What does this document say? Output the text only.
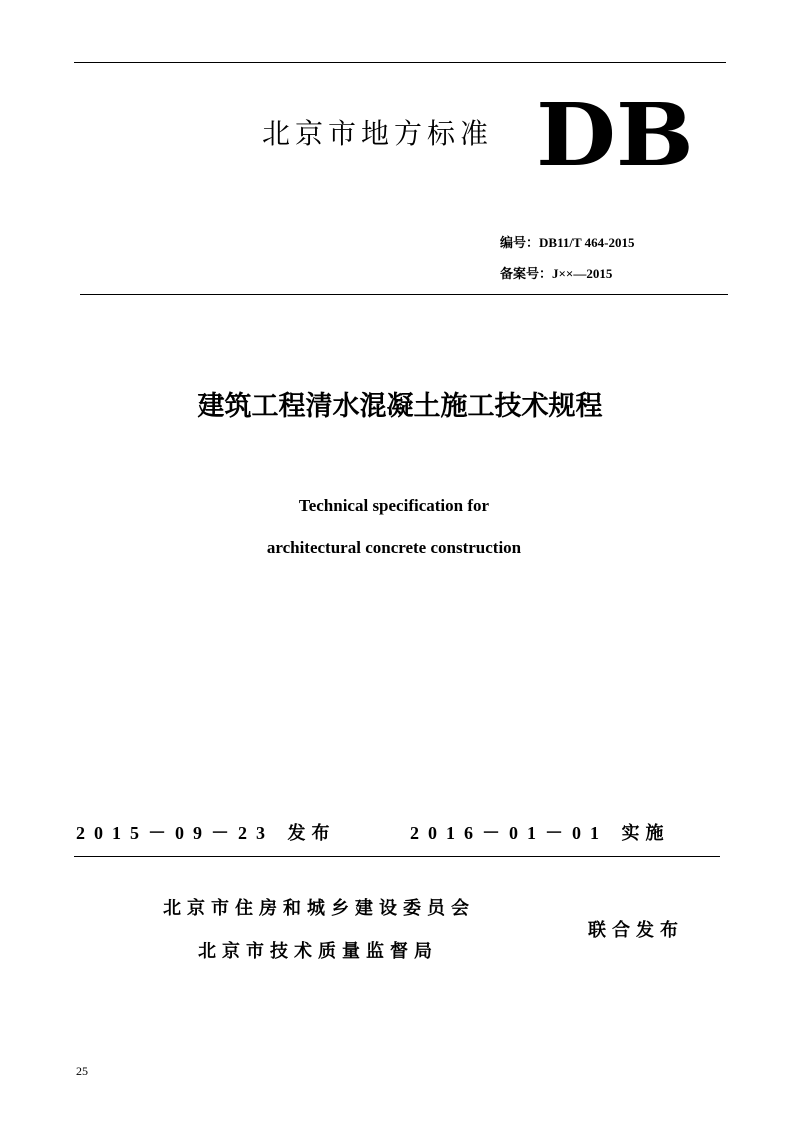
北京市地方标准 DB
编号：DB11/T 464-2015
备案号：J××—2015
建筑工程清水混凝土施工技术规程
Technical specification for
architectural concrete construction
2015－09－23 发布	2016－01－01 实施
北京市住房和城乡建设委员会
北京市技术质量监督局
联合发布
25
